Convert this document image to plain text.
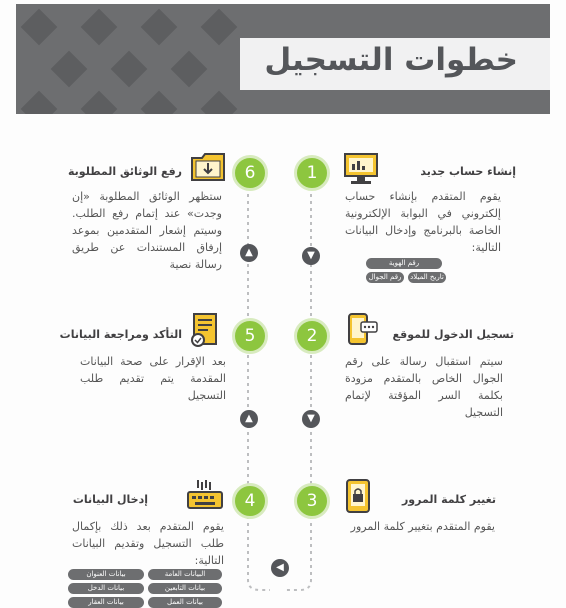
خطوات التسجيل
1	إنشاء حساب جديد
يقوم المتقدم بإنشاء حساب إلكتروني في البوابة الإلكترونية الخاصة بالبرنامج وإدخال البيانات التالية:
رقم الهوية
رقم الجوال	تاريخ الميلاد
▼
6
رفع الوثائق المطلوبة
ستظهر الوثائق المطلوبة «إن وجدت» عند إتمام رفع الطلب. وسيتم إشعار المتقدمين بموعد إرفاق المستندات عن طريق رسالة نصية
▲
2	تسجيل الدخول للموقع
سيتم استقبال رسالة على رقم الجوال الخاص بالمتقدم مزودة بكلمة السر المؤقتة لإتمام التسجيل
5
التأكد ومراجعة البيانات
بعد الإقرار على صحة البيانات المقدمة يتم تقديم طلب التسجيل
▲	▼
3	تغيير كلمة المرور
يقوم المتقدم بتغيير كلمة المرور
4
إدخال البيانات
يقوم المتقدم بعد ذلك بإكمال طلب التسجيل وتقديم البيانات التالية:
البيانات العامة
بيانات العنوان
بيانات التابعين
بيانات الدخل
بيانات العمل
بيانات العقار
◀
